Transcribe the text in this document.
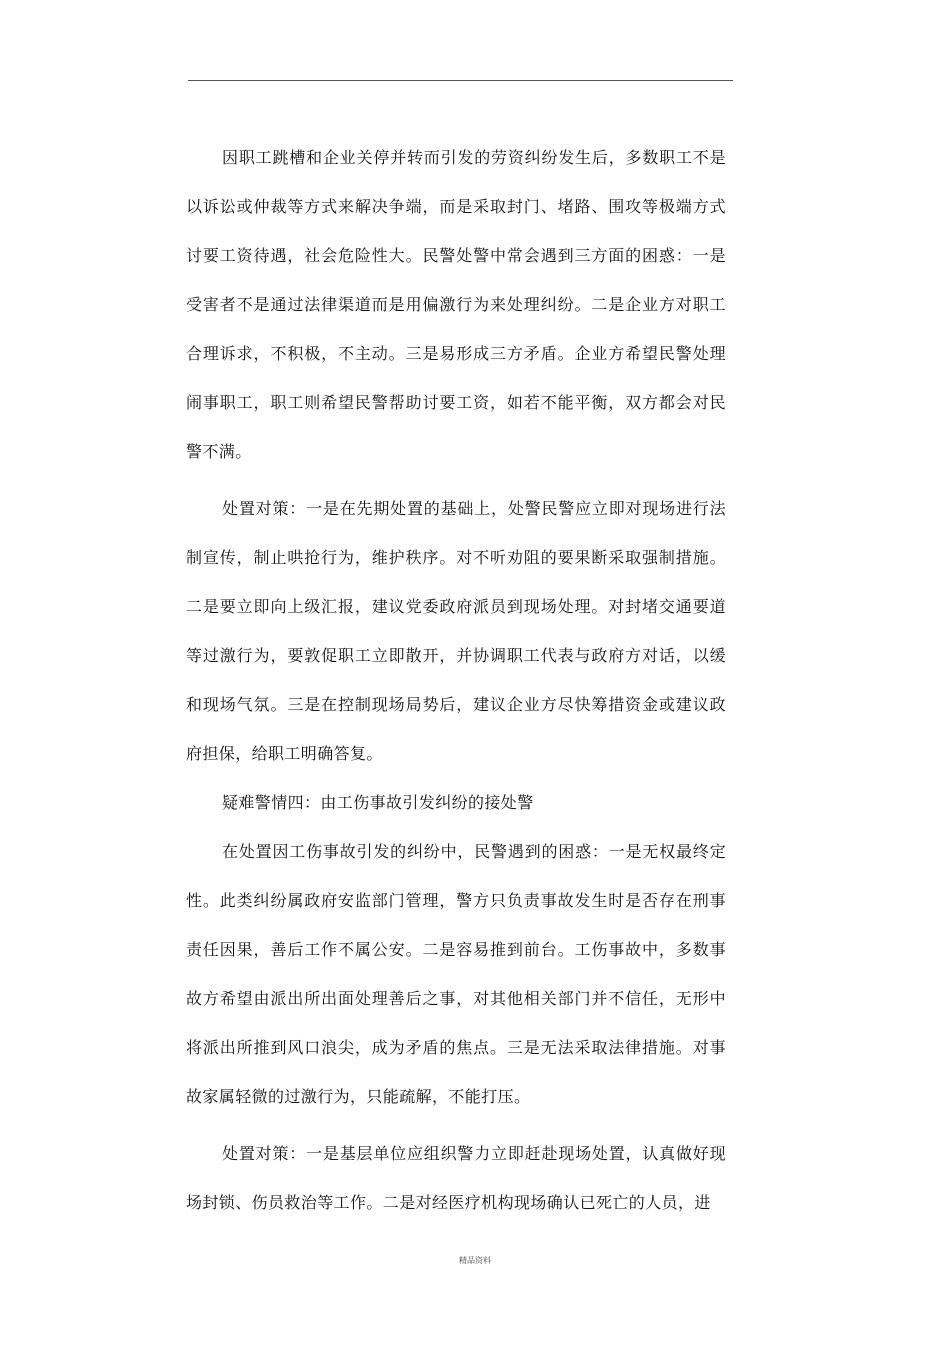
因职工跳槽和企业关停并转而引发的劳资纠纷发生后，多数职工不是以诉讼或仲裁等方式来解决争端，而是采取封门、堵路、围攻等极端方式讨要工资待遇，社会危险性大。民警处警中常会遇到三方面的困惑：一是受害者不是通过法律渠道而是用偏激行为来处理纠纷。二是企业方对职工合理诉求，不积极，不主动。三是易形成三方矛盾。企业方希望民警处理闹事职工，职工则希望民警帮助讨要工资，如若不能平衡，双方都会对民警不满。

处置对策：一是在先期处置的基础上，处警民警应立即对现场进行法制宣传，制止哄抢行为，维护秩序。对不听劝阻的要果断采取强制措施。二是要立即向上级汇报，建议党委政府派员到现场处理。对封堵交通要道等过激行为，要敦促职工立即散开，并协调职工代表与政府方对话，以缓和现场气氛。三是在控制现场局势后，建议企业方尽快筹措资金或建议政府担保，给职工明确答复。

疑难警情四：由工伤事故引发纠纷的接处警

在处置因工伤事故引发的纠纷中，民警遇到的困惑：一是无权最终定性。此类纠纷属政府安监部门管理，警方只负责事故发生时是否存在刑事责任因果，善后工作不属公安。二是容易推到前台。工伤事故中，多数事故方希望由派出所出面处理善后之事，对其他相关部门并不信任，无形中将派出所推到风口浪尖，成为矛盾的焦点。三是无法采取法律措施。对事故家属轻微的过激行为，只能疏解，不能打压。

处置对策：一是基层单位应组织警力立即赶赴现场处置，认真做好现场封锁、伤员救治等工作。二是对经医疗机构现场确认已死亡的人员，进

精品资料
